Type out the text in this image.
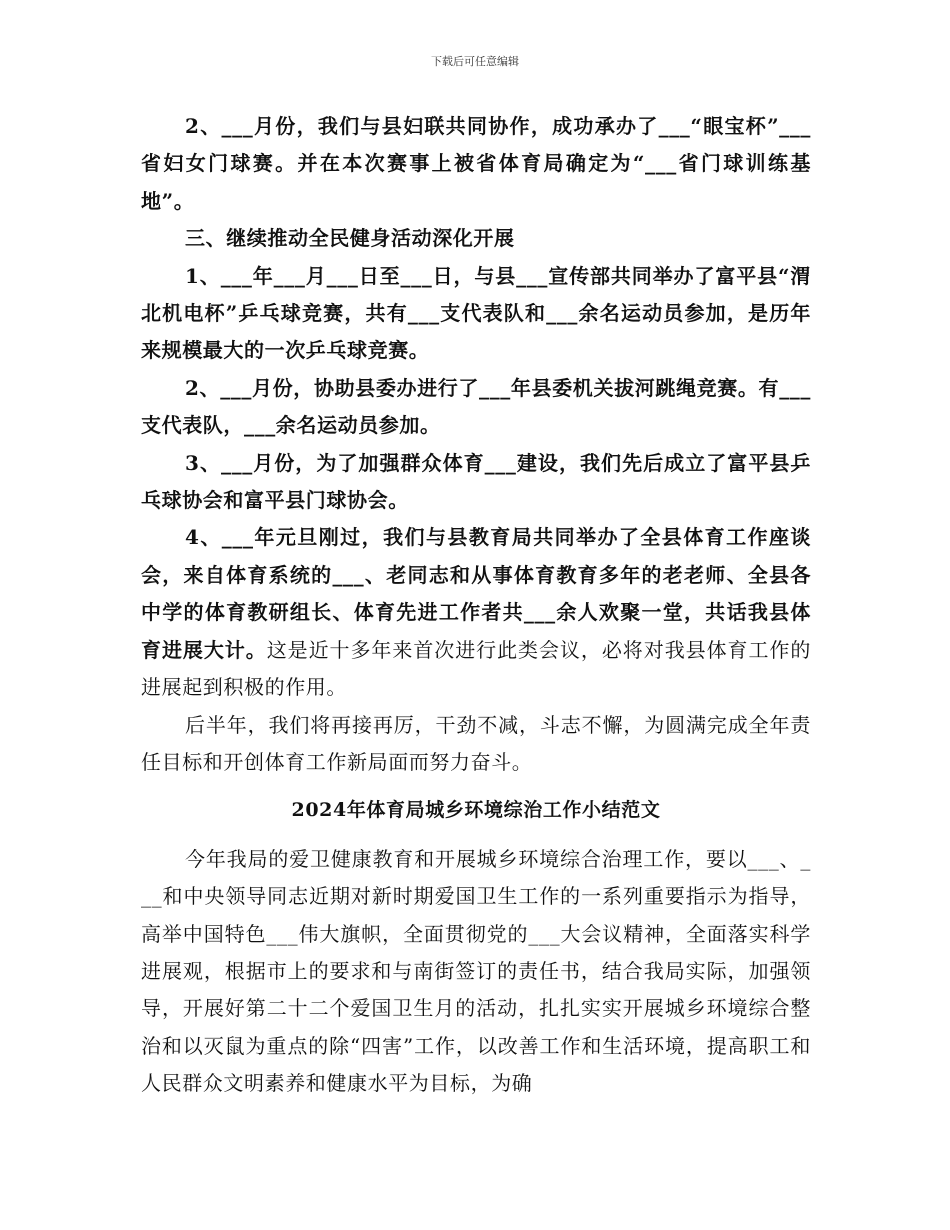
下载后可任意编辑

2、___月份，我们与县妇联共同协作，成功承办了___“眼宝杯”___省妇女门球赛。并在本次赛事上被省体育局确定为“___省门球训练基地”。

三、继续推动全民健身活动深化开展

1、___年___月___日至___日，与县___宣传部共同举办了富平县“渭北机电杯”乒乓球竞赛，共有___支代表队和___余名运动员参加，是历年来规模最大的一次乒乓球竞赛。

2、___月份，协助县委办进行了___年县委机关拔河跳绳竞赛。有___支代表队，___余名运动员参加。

3、___月份，为了加强群众体育___建设，我们先后成立了富平县乒乓球协会和富平县门球协会。

4、___年元旦刚过，我们与县教育局共同举办了全县体育工作座谈会，来自体育系统的___、老同志和从事体育教育多年的老老师、全县各中学的体育教研组长、体育先进工作者共___余人欢聚一堂，共话我县体育进展大计。这是近十多年来首次进行此类会议，必将对我县体育工作的进展起到积极的作用。

后半年，我们将再接再厉，干劲不减，斗志不懈，为圆满完成全年责任目标和开创体育工作新局面而努力奋斗。

2024年体育局城乡环境综治工作小结范文

今年我局的爱卫健康教育和开展城乡环境综合治理工作，要以___、___和中央领导同志近期对新时期爱国卫生工作的一系列重要指示为指导，高举中国特色___伟大旗帜，全面贯彻党的___大会议精神，全面落实科学进展观，根据市上的要求和与南街签订的责任书，结合我局实际，加强领导，开展好第二十二个爱国卫生月的活动，扎扎实实开展城乡环境综合整治和以灭鼠为重点的除“四害”工作，以改善工作和生活环境，提高职工和人民群众文明素养和健康水平为目标，为确
